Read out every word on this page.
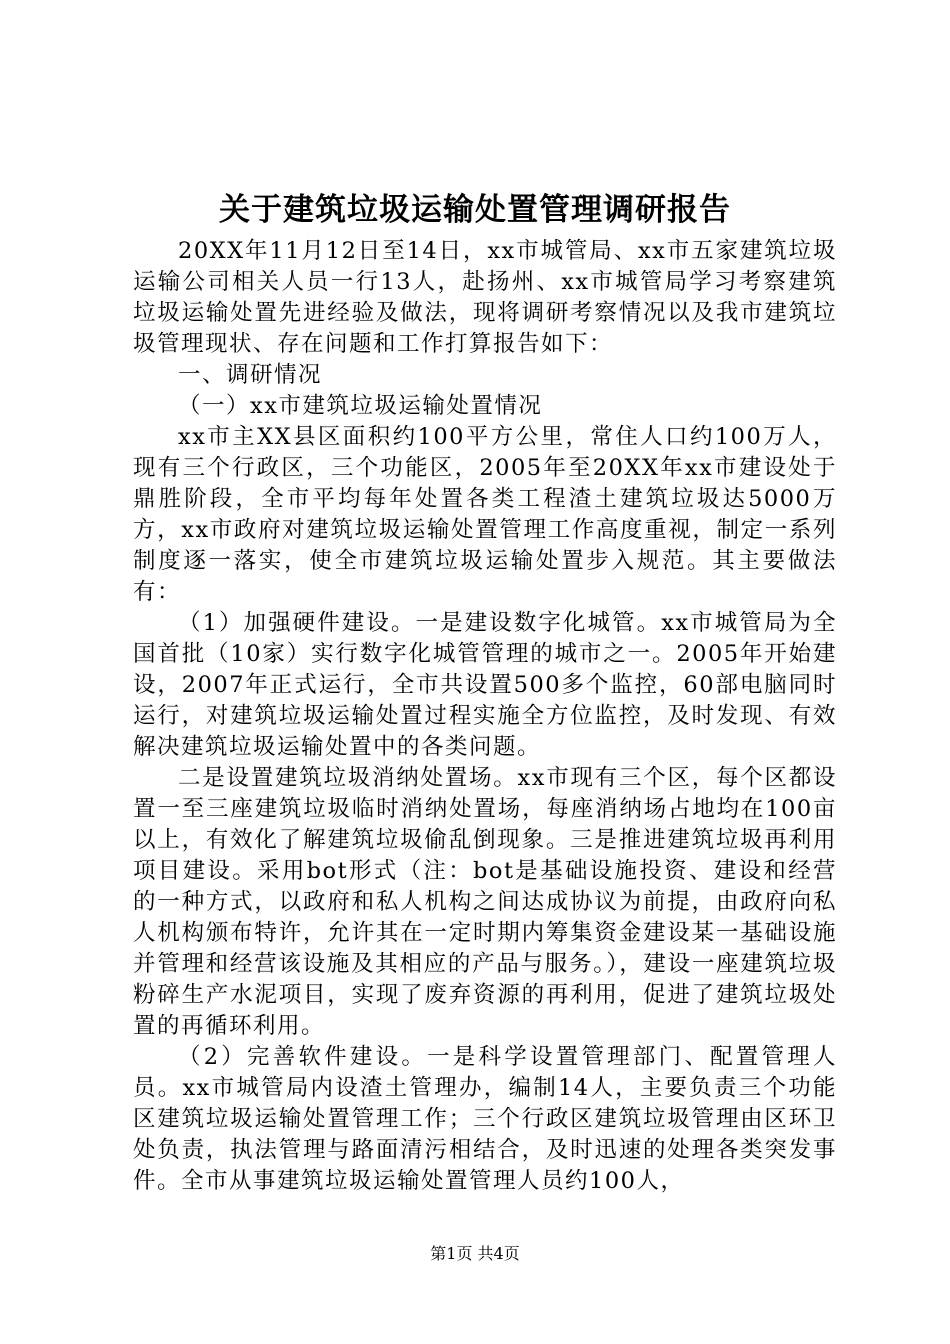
关于建筑垃圾运输处置管理调研报告

20XX年11月12日至14日，xx市城管局、xx市五家建筑垃圾运输公司相关人员一行13人，赴扬州、xx市城管局学习考察建筑垃圾运输处置先进经验及做法，现将调研考察情况以及我市建筑垃圾管理现状、存在问题和工作打算报告如下：

一、调研情况

（一）xx市建筑垃圾运输处置情况

xx市主XX县区面积约100平方公里，常住人口约100万人，现有三个行政区，三个功能区，2005年至20XX年xx市建设处于鼎胜阶段，全市平均每年处置各类工程渣土建筑垃圾达5000万方，xx市政府对建筑垃圾运输处置管理工作高度重视，制定一系列制度逐一落实，使全市建筑垃圾运输处置步入规范。其主要做法有：

（1）加强硬件建设。一是建设数字化城管。xx市城管局为全国首批（10家）实行数字化城管管理的城市之一。2005年开始建设，2007年正式运行，全市共设置500多个监控，60部电脑同时运行，对建筑垃圾运输处置过程实施全方位监控，及时发现、有效解决建筑垃圾运输处置中的各类问题。

二是设置建筑垃圾消纳处置场。xx市现有三个区，每个区都设置一至三座建筑垃圾临时消纳处置场，每座消纳场占地均在100亩以上，有效化了解建筑垃圾偷乱倒现象。三是推进建筑垃圾再利用项目建设。采用bot形式（注：bot是基础设施投资、建设和经营的一种方式，以政府和私人机构之间达成协议为前提，由政府向私人机构颁布特许，允许其在一定时期内筹集资金建设某一基础设施并管理和经营该设施及其相应的产品与服务。），建设一座建筑垃圾粉碎生产水泥项目，实现了废弃资源的再利用，促进了建筑垃圾处置的再循环利用。

（2）完善软件建设。一是科学设置管理部门、配置管理人员。xx市城管局内设渣土管理办，编制14人，主要负责三个功能区建筑垃圾运输处置管理工作；三个行政区建筑垃圾管理由区环卫处负责，执法管理与路面清污相结合，及时迅速的处理各类突发事件。全市从事建筑垃圾运输处置管理人员约100人，

第1页 共4页
